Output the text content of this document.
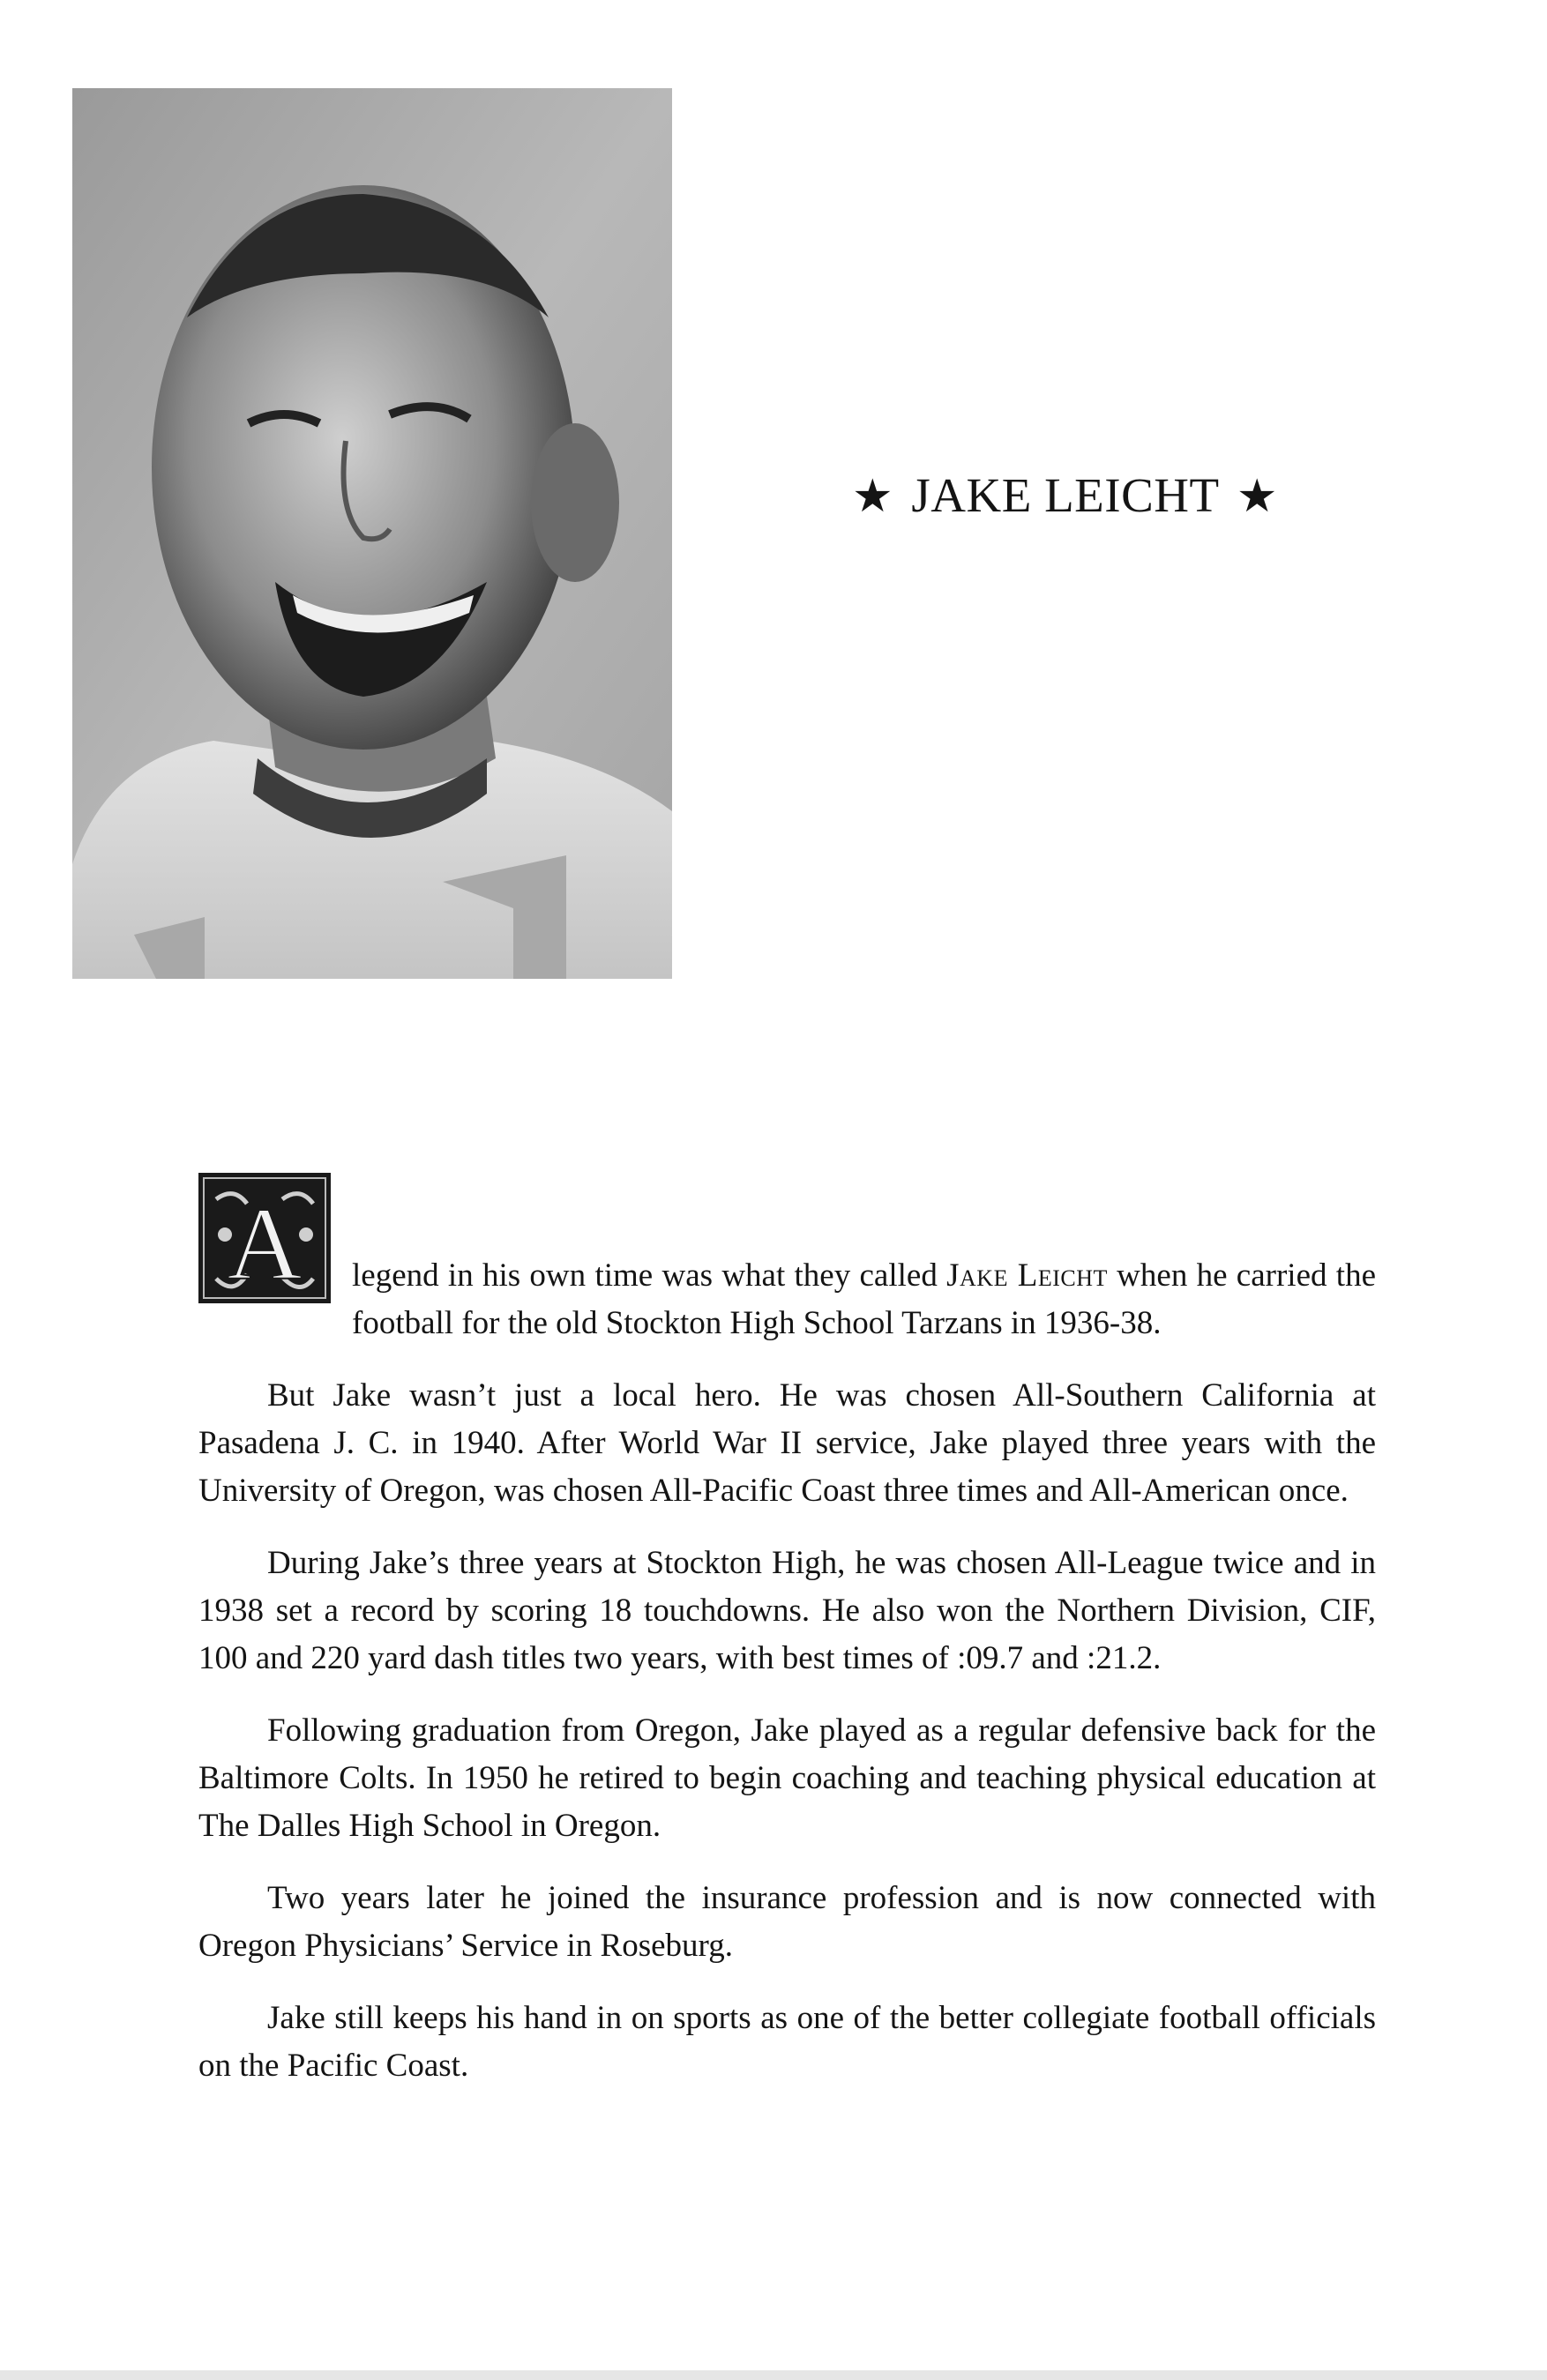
★ JAKE LEICHT ★

A	legend in his own time was what they called Jake Leicht when he carried the football for the old Stockton High School Tarzans in 1936-38.

But Jake wasn’t just a local hero. He was chosen All-Southern California at Pasadena J. C. in 1940. After World War II service, Jake played three years with the University of Oregon, was chosen All-Pacific Coast three times and All-American once.

During Jake’s three years at Stockton High, he was chosen All-League twice and in 1938 set a record by scoring 18 touchdowns. He also won the Northern Division, CIF, 100 and 220 yard dash titles two years, with best times of :09.7 and :21.2.

Following graduation from Oregon, Jake played as a regular defensive back for the Baltimore Colts. In 1950 he retired to begin coaching and teaching physical education at The Dalles High School in Oregon.

Two years later he joined the insurance profession and is now connected with Oregon Physicians’ Service in Roseburg.

Jake still keeps his hand in on sports as one of the better collegiate football officials on the Pacific Coast.
